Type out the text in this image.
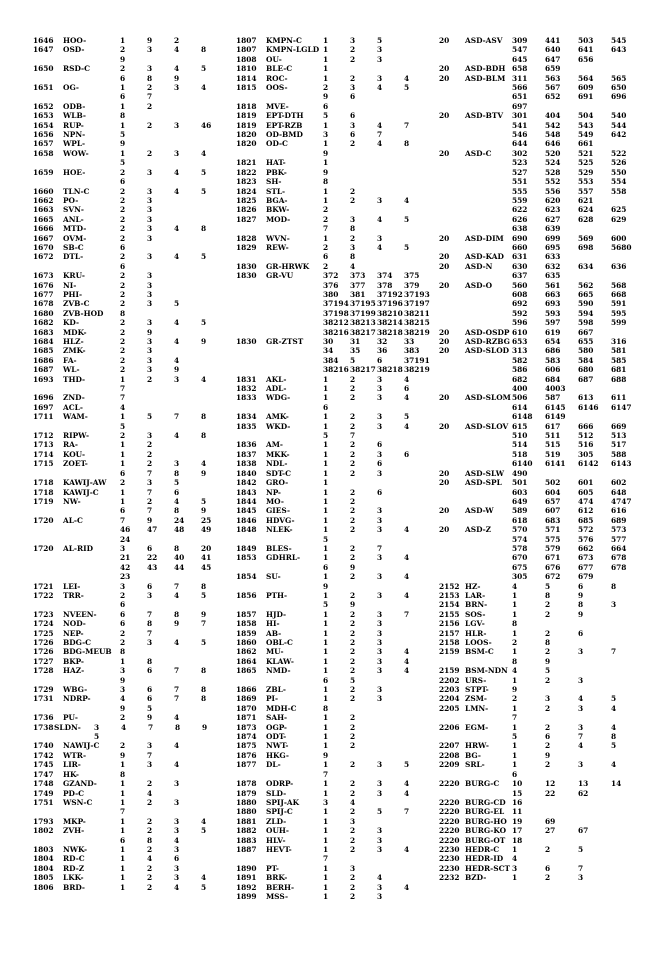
1646	HOO-	1	9	2
1647	OSD-	2	3	4	8
9
1650	RSD-C	2	3	4	5
6	8	9
1651	OG-	1	2	3	4
6	7
1652	ODB-	1	2
1653	WLB-	8
1654	RUP-	1	2	3	46
1656	NPN-	5
1657	WPL-	9
1658	WOW-	1	2	3	4
5
1659	HOE-	2	3	4	5
6
1660	TLN-C	2	3	4	5
1662	PO-	2	3
1663	SVN-	2	3
1665	ANL-	2	3
1666	MTD-	2	3	4	8
1667	OVM-	2	3
1670	SB-C	6
1672	DTL-	2	3	4	5
6
1673	KRU-	2	3
1676	NI-	2	3
1677	PHI-	2	3
1678	ZVB-C	2	3	5
1680	ZVB-HOD	8
1682	KD-	2	3	4	5
1683	MDK-	2	9
1684	HLZ-	2	3	4	9
1685	ZMK-	2	3
1686	FA-	2	3	4
1687	WL-	2	3	9
1693	THD-	1	2	3	4
7
1696	ZND-	7
1697	ACL-	4
1711	WAM-	1	5	7	8
5
1712	RIPW-	2	3	4	8
1713	RA-	1	2
1714	KOU-	1	2
1715	ZOET-	1	2	3	4
6	7	8	9
1718	KAWIJ-AW	2	3	5
1718	KAWIJ-C	1	7	6
1719	NW-	1	2	4	5
6	7	8	9
1720	AL-C	7	9	24	25
46	47	48	49
24
1720	AL-RID	3	6	8	20
21	22	40	41
42	43	44	45
23
1721	LEI-	3	6	7	8
1722	TRR-	2	3	4	5
6
1723	NVEEN-	6	7	8	9
1724	NOD-	6	8	9	7
1725	NEP-	2	7
1726	BDG-C	2	3	4	5
1726	BDG-MEUB	8
1727	BKP-	1	8
1728	HAZ-	3	6	7	8
9
1729	WBG-	3	6	7	8
1731	NDRP-	4	6	7	8
9	5
1736	PU-	2	9	4
1738 SLDN-	3	4	7	8	9
5
1740	NAWIJ-C	2	3	4
1742	WTR-	9	7
1745	LIR-	1	3	4
1747	HK-	8
1748	GZAND-	1	2	3
1749	PD-C	1	4
1751	WSN-C	1	2	3
7
1793	MKP-	1	2	3	4
1802	ZVH-	1	2	3	5
6	8	4
1803	NWK-	1	2	3
1804	RD-C	1	4	6
1804	RD-Z	1	2	3
1805	LKK-	1	2	3	4
1806	BRD-	1	2	4	5
1807	KMPN-C	1	3	5
1807	KMPN-LGLD 1	2	3
1808	OU-	1	2	3
1810	BLE-C	1
1814	ROC-	1	2	3	4
1815	OOS-	2	3	4	5
9	6
1818	MVE-	6
1819	EPT-DTH	5	6
1819	EPT-RZB	1	3	4	7
1820	OD-BMD	3	6	7
1820	OD-C	1	2	4	8
9
1821	HAT-	1
1822	PBK-	9
1823	SH-	8
1824	STL-	1	2
1825	BGA-	1	2	3	4
1826	BKW-	2
1827	MOD-	2	3	4	5
7	8
1828	WVN-	1	2	3
1829	REW-	2	3	4	5
6	8
1830	GR-HRWK	2	4
1830	GR-VU	372	373	374	375
376	377	378	379
380	381	37192 37193
37194 37195 37196 37197
37198 37199 38210 38211
38212 38213 38214 38215
38216 38217 38218 38219
1830	GR-ZTST	30	31	32	33
34	35	36	383
384	5	6	37191
38216 38217 38218 38219
1831	AKL-	1	2	3	4
1832	ADL-	1	2	3	6
1833	WDG-	1	2	3	4
6
1834	AMK-	1	2	3	5
1835	WKD-	1	2	3	4
5	7
1836	AM-	1	2	6
1837	MKK-	1	2	3	6
1838	NDL-	1	2	6
1840	SDT-C	1	2	3
1842	GRO-	1
1843	NP-	1	2	6
1844	MO-	1	2
1845	GIES-	1	2	3
1846	HDVG-	1	2	3
1848	NLEK-	1	2	3	4
5
1849	BLES-	1	2	7
1853	GDHRL-	1	2	3	4
6	9
1854	SU-	1	2	3	4
9
1856	PTH-	1	2	3	4
5	9
1857	HJD-	1	2	3	7
1858	HI-	1	2	3
1859	AB-	1	2	3
1860	OBL-C	1	2	3
1862	MU-	1	2	3	4
1864	KLAW-	1	2	3	4
1865	NMD-	1	2	3	4
6	5
1866	ZBL-	1	2	3
1869	PI-	1	2	3
1870	MDH-C	8
1871	SAH-	1	2
1873	OGP-	1	2
1874	ODT-	1	2
1875	NWT-	1	2
1876	HKG-	9
1877	DL-	1	2	3	5
7
1878	ODRP-	1	2	3	4
1879	SLD-	1	2	3	4
1880	SPIJ-AK	3	4
1880	SPIJ-C	1	2	5	7
1881	ZLD-	1	3
1882	OUH-	1	2	3
1883	HLV-	1	2	3
1887	HEVT-	1	2	3	4
7
1890	PT-	1	3
1891	BRK-	1	2	4
1892	BERH-	1	2	3	4
1899	MSS-	1	2	3
20	ASD-ASV	309	441	503	545
547	640	641	643
645	647	656
20	ASD-BDH 658	659
20	ASD-BLM 311	563	564	565
566	567	609	650
651	652	691	696
697
20	ASD-BTV	301	404	504	540
541	542	543	544
546	548	549	642
644	646	661
20	ASD-C	302	520	521	522
523	524	525	526
527	528	529	550
551	552	553	554
555	556	557	558
559	620	621
622	623	624	625
626	627	628	629
638	639
20	ASD-DIM	690	699	569	600
660	695	698	5680
20	ASD-KAD	631	633
20	ASD-N	630	632	634	636
637	635
20	ASD-O	560	561	562	568
608	663	665	668
692	693	590	591
592	593	594	595
596	597	598	599
20	ASD-OSDP 610	619	667
20	ASD-RZBG 653	654	655	316
20	ASD-SLOD 313	686	580	581
582	583	584	585
586	606	680	681
682	684	687	688
400	4003
20	ASD-SLOM 506	587	613	611
614	6145	6146	6147
6148	6149
20	ASD-SLOV 615	617	666	669
510	511	512	513
514	515	516	517
518	519	305	588
6140	6141	6142	6143
20	ASD-SLW	490
20	ASD-SPL	501	502	601	602
603	604	605	648
649	657	474	4747
20	ASD-W	589	607	612	616
618	683	685	689
20	ASD-Z	570	571	572	573
574	575	576	577
578	579	662	664
670	671	673	678
675	676	677	678
305	672	679
2152 HZ-	4	5	6	8
2153 LAR-	1	8	9
2154 BRN-	1	2	8	3
2155 SOS-	1	2	9
2156 LGV-	8
2157 HLR-	1	2	6
2158 LOOS-	2	8
2159 BSM-C	1	2	3	7
8	9
2159 BSM-NDN 4	5
2202 URS-	1	2	3
2203 STPT-	9
2204 ZSM-	2	3	4	5
2205 LMN-	1	2	3	4
7
2206 EGM-	1	2	3	4
5	6	7	8
2207 HRW-	1	2	4	5
2208 BG-	1	9
2209 SRL-	1	2	3	4
6
2220 BURG-C	10	12	13	14
15	22	62
2220 BURG-CD 16
2220 BURG-EL	11
2220 BURG-HO 19	69
2220 BURG-KO 17	27	67
2220 BURG-OT 18
2230 HEDR-C	1	2	5
2230 HEDR-ID	4
2230 HEDR-SCT 3	6	7
2232 BZD-	1	2	3
